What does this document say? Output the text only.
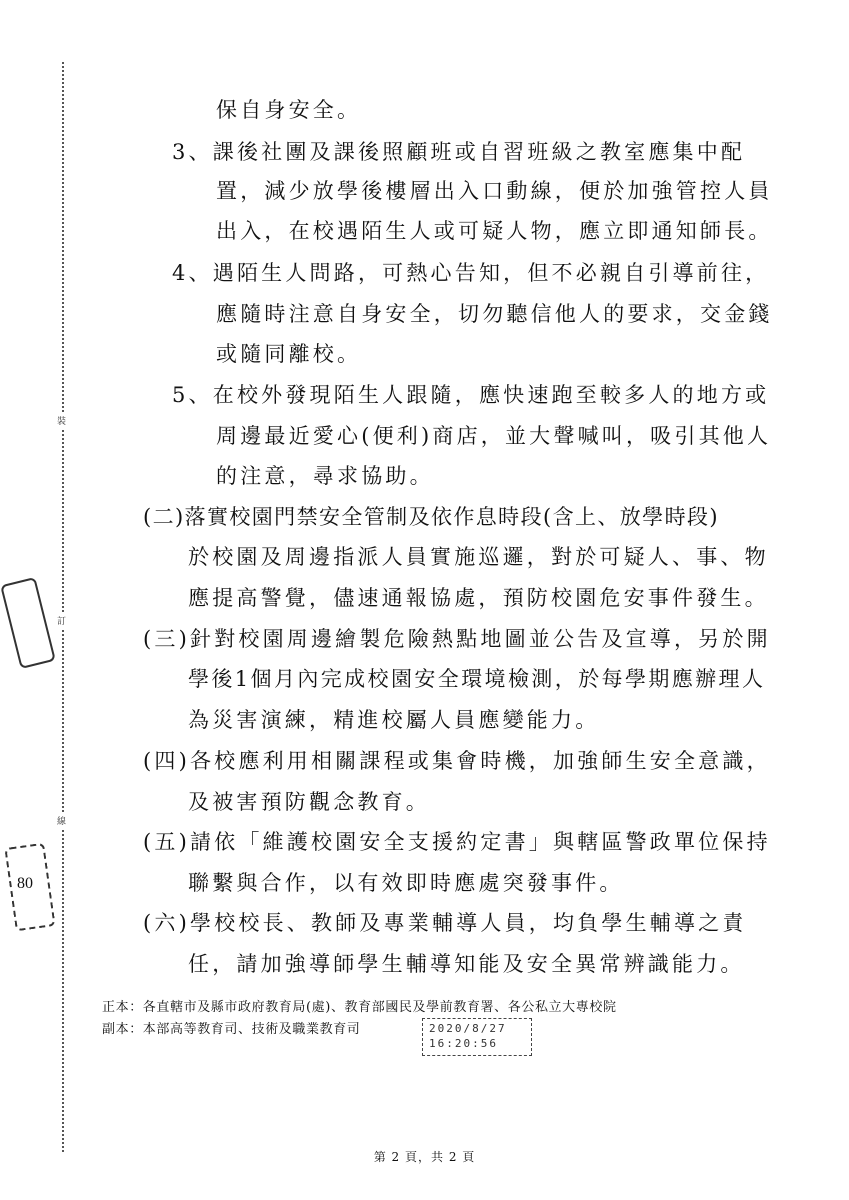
裝
訂
線
80
保自身安全。
3、課後社團及課後照顧班或自習班級之教室應集中配
置，減少放學後樓層出入口動線，便於加強管控人員
出入，在校遇陌生人或可疑人物，應立即通知師長。
4、遇陌生人問路，可熱心告知，但不必親自引導前往，
應隨時注意自身安全，切勿聽信他人的要求，交金錢
或隨同離校。
5、在校外發現陌生人跟隨，應快速跑至較多人的地方或
周邊最近愛心(便利)商店，並大聲喊叫，吸引其他人
的注意，尋求協助。
(二)落實校園門禁安全管制及依作息時段(含上、放學時段)
於校園及周邊指派人員實施巡邏，對於可疑人、事、物
應提高警覺，儘速通報協處，預防校園危安事件發生。
(三)針對校園周邊繪製危險熱點地圖並公告及宣導，另於開
學後1個月內完成校園安全環境檢測，於每學期應辦理人
為災害演練，精進校屬人員應變能力。
(四)各校應利用相關課程或集會時機，加強師生安全意識，
及被害預防觀念教育。
(五)請依「維護校園安全支援約定書」與轄區警政單位保持
聯繫與合作，以有效即時應處突發事件。
(六)學校校長、教師及專業輔導人員，均負學生輔導之責
任，請加強導師學生輔導知能及安全異常辨識能力。
正本：各直轄市及縣市政府教育局(處)、教育部國民及學前教育署、各公私立大專校院
副本：本部高等教育司、技術及職業教育司	2020/8/27
16:20:56
第 2 頁，共 2 頁
